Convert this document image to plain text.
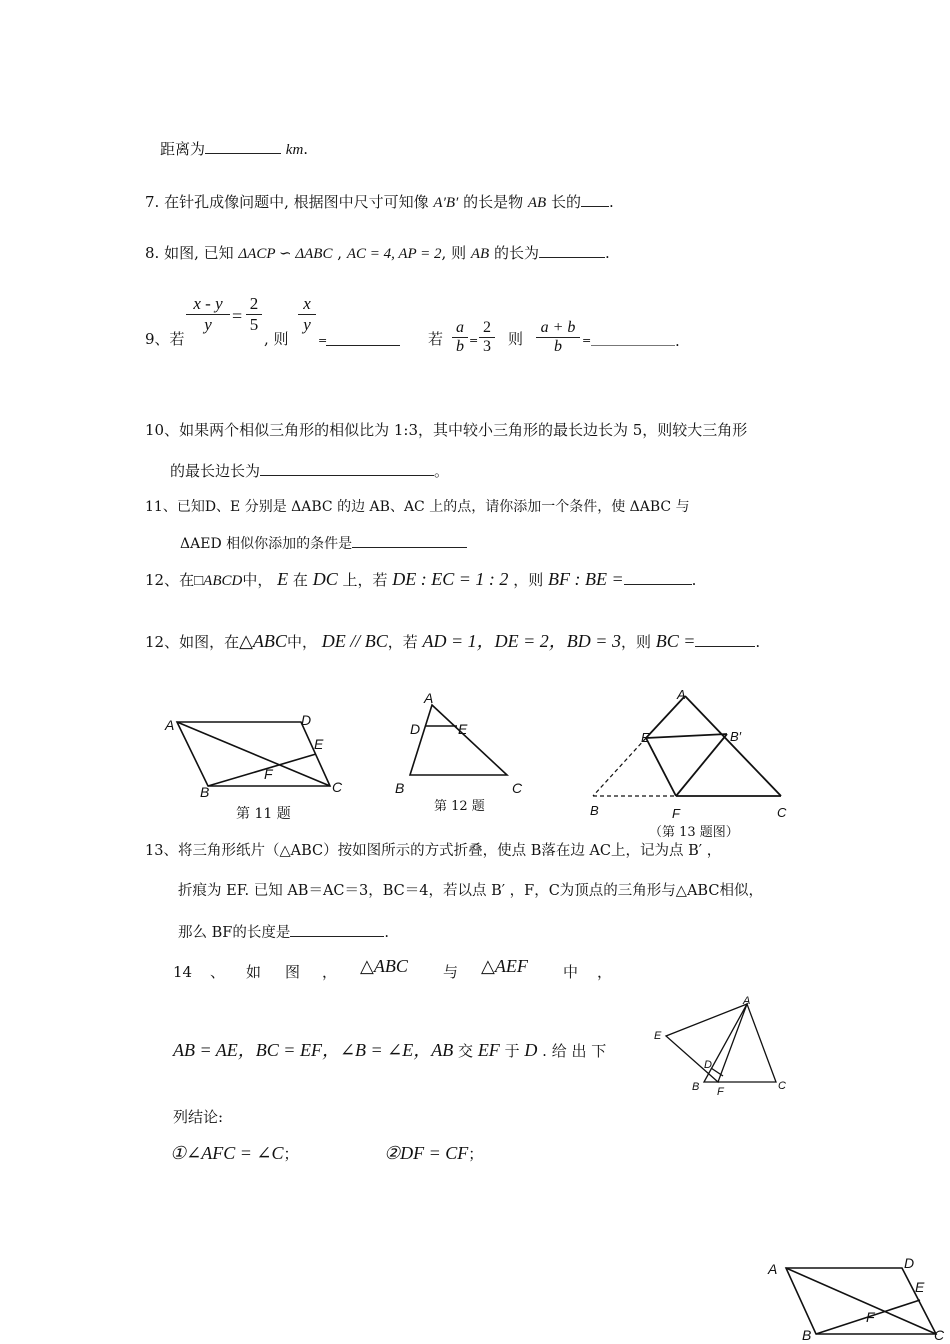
距离为	km.
7. 在针孔成像问题中, 根据图中尺寸可知像 A′B′ 的长是物 AB 长的 .
8. 如图, 已知 ΔACP ∽ ΔABC , AC = 4, AP = 2, 则 AB 的长为	.
9、若
x - y
y	=
2
5
, 则
x
y
=	若
a
b =
2
3 则
a + b
b	=	.
10、如果两个相似三角形的相似比为 1:3，其中较小三角形的最长边长为 5，则较大三角形
的最长边长为	。
11、已知D、E 分别是 ΔABC 的边 AB、AC 上的点，请你添加一个条件，使 ΔABC 与
ΔAED 相似你添加的条件是
12、在□ABCD中， E 在 DC 上，若 DE : EC = 1 : 2 ，则 BF : BE =	.
12、如图，在△ABC中， DE // BC，若 AD = 1，DE = 2，BD = 3，则 BC =	.
A	D
E
F
B	C
第 11 题
A
D	E
B	C
第 12 题
A
E	B′
B	F	C
（第 13 题图）
13、将三角形纸片（△ABC）按如图所示的方式折叠，使点 B落在边 AC上，记为点 B′ ，
折痕为 EF. 已知 AB＝AC＝3，BC＝4，若以点 B′ ，F，C为顶点的三角形与△ABC相似，
那么 BF的长度是	.
14 、 如 图 ， △ABC 与 △AEF 中 ，
AB = AE，BC = EF，∠B = ∠E，AB 交 EF 于 D . 给 出 下
列结论:
①∠AFC = ∠C；	②DF = CF；
A
E
D
B F	C
A	D
E
F
B	C
